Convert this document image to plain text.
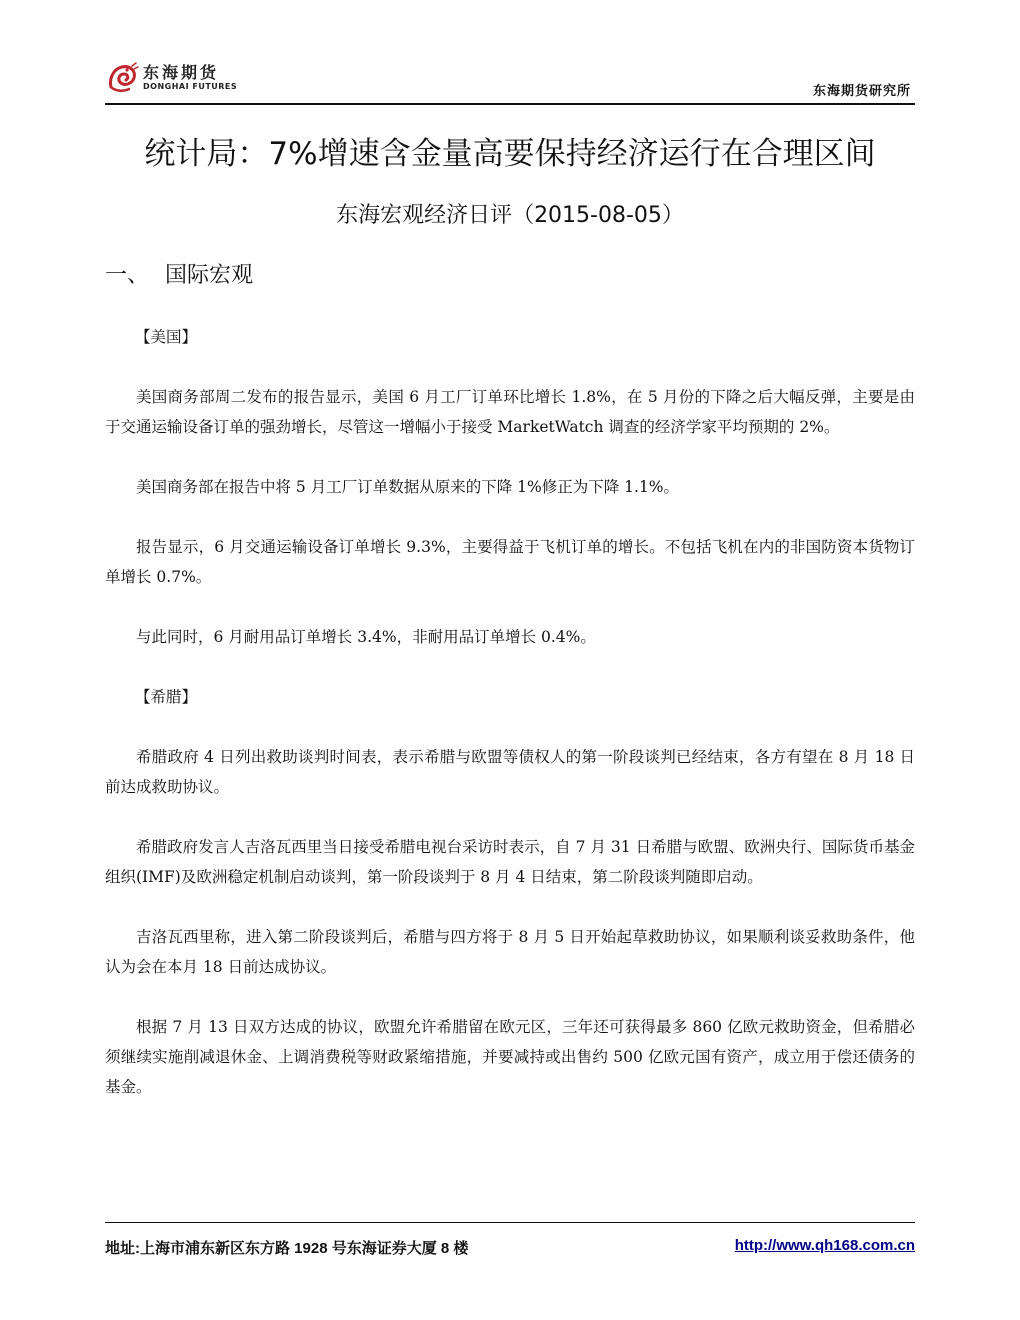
东海期货
DONGHAI FUTURES	东海期货研究所
统计局：7%增速含金量高要保持经济运行在合理区间
东海宏观经济日评（2015-08-05）
一、 国际宏观

【美国】

美国商务部周二发布的报告显示，美国 6 月工厂订单环比增长 1.8%，在 5 月份的下降之后大幅反弹，主要是由于交通运输设备订单的强劲增长，尽管这一增幅小于接受 MarketWatch 调查的经济学家平均预期的 2%。

美国商务部在报告中将 5 月工厂订单数据从原来的下降 1%修正为下降 1.1%。

报告显示，6 月交通运输设备订单增长 9.3%，主要得益于飞机订单的增长。不包括飞机在内的非国防资本货物订单增长 0.7%。

与此同时，6 月耐用品订单增长 3.4%，非耐用品订单增长 0.4%。

【希腊】

希腊政府 4 日列出救助谈判时间表，表示希腊与欧盟等债权人的第一阶段谈判已经结束，各方有望在 8 月 18 日前达成救助协议。

希腊政府发言人吉洛瓦西里当日接受希腊电视台采访时表示，自 7 月 31 日希腊与欧盟、欧洲央行、国际货币基金组织(IMF)及欧洲稳定机制启动谈判，第一阶段谈判于 8 月 4 日结束，第二阶段谈判随即启动。

吉洛瓦西里称，进入第二阶段谈判后，希腊与四方将于 8 月 5 日开始起草救助协议，如果顺利谈妥救助条件，他认为会在本月 18 日前达成协议。

根据 7 月 13 日双方达成的协议，欧盟允许希腊留在欧元区，三年还可获得最多 860 亿欧元救助资金，但希腊必须继续实施削减退休金、上调消费税等财政紧缩措施，并要减持或出售约 500 亿欧元国有资产，成立用于偿还债务的基金。

地址:上海市浦东新区东方路 1928 号东海证券大厦 8 楼	http://www.qh168.com.cn
